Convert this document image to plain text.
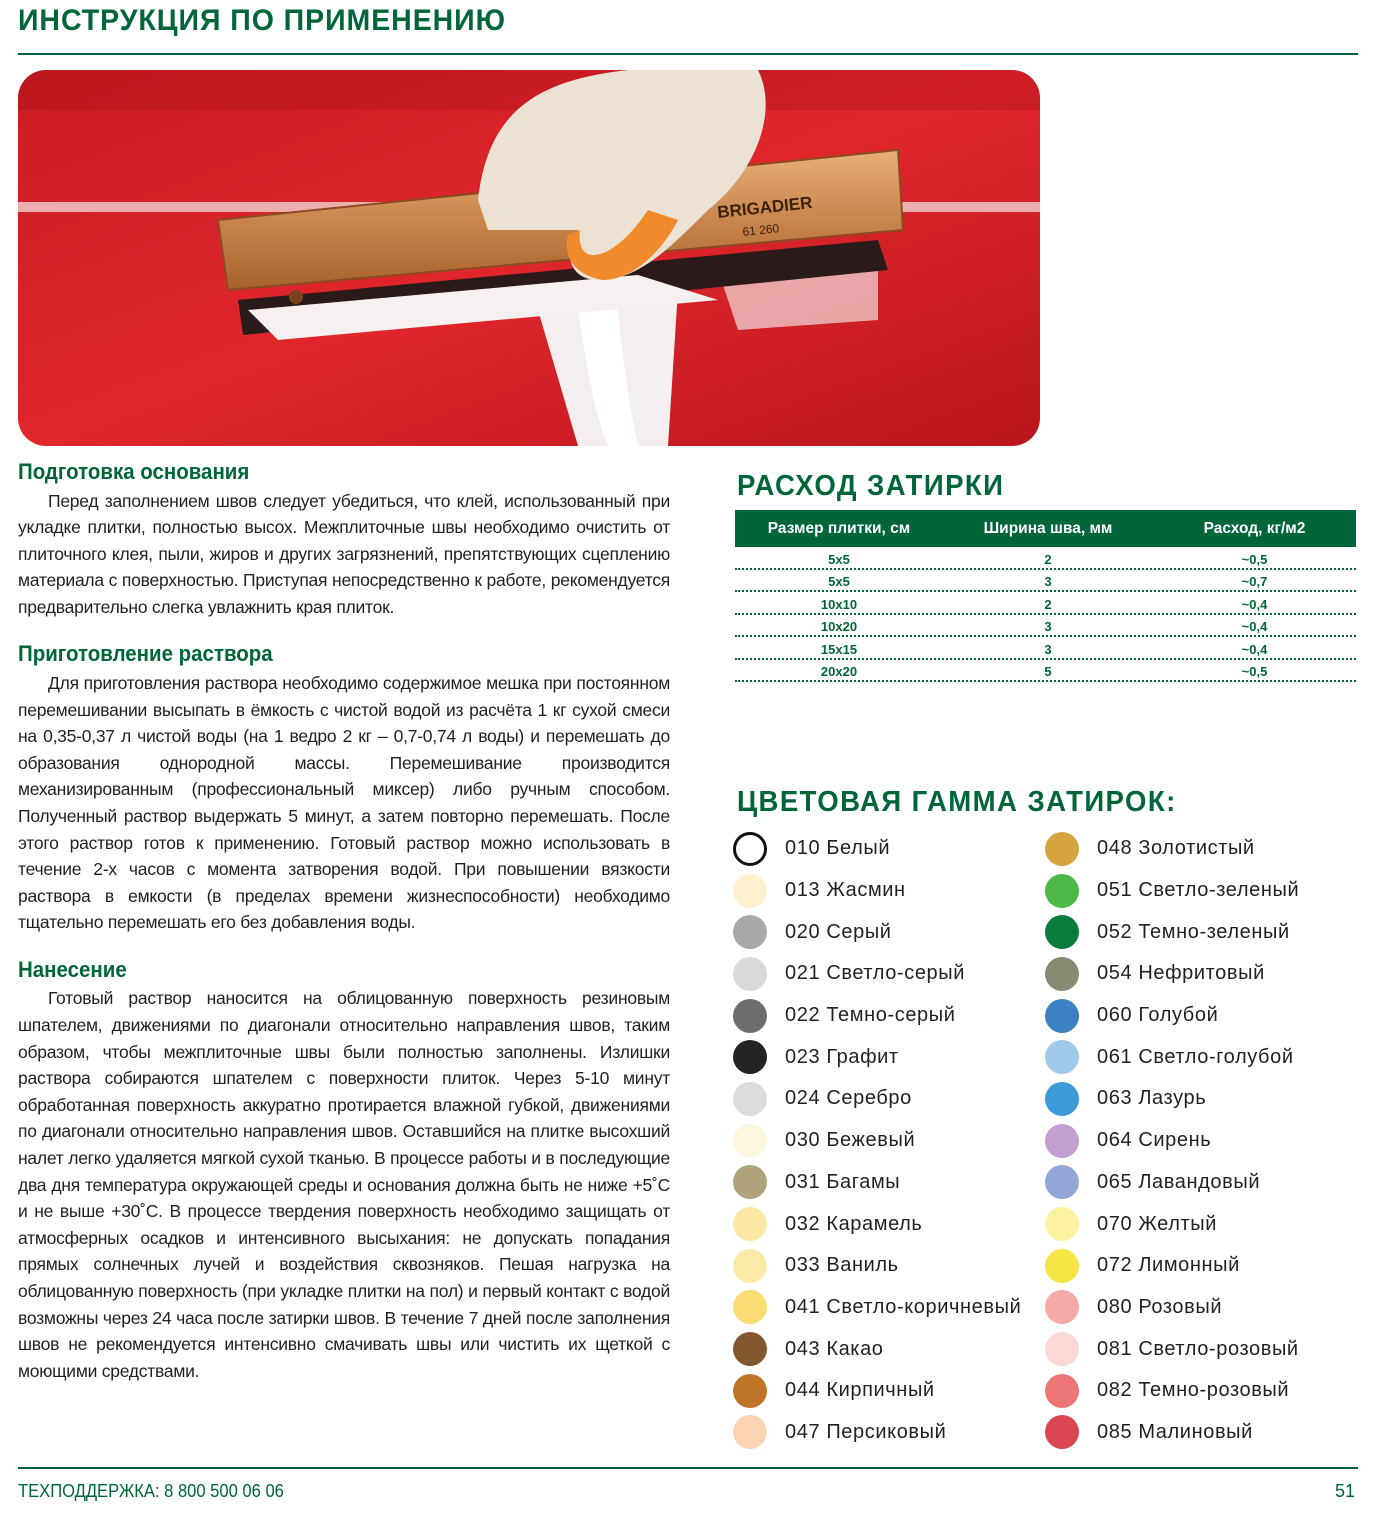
ИНСТРУКЦИЯ ПО ПРИМЕНЕНИЮ
BRIGADIER
61 260
Подготовка основания

Перед заполнением швов следует убедиться, что клей, использованный при укладке плитки, полностью высох. Межплиточные швы необходимо очистить от плиточного клея, пыли, жиров и других загрязнений, препятствующих сцеплению материала с поверхностью. Приступая непосредственно к работе, рекомендуется предварительно слегка увлажнить края плиток.

Приготовление раствора

Для приготовления раствора необходимо содержимое мешка при постоянном перемешивании высыпать в ёмкость с чистой водой из расчёта 1 кг сухой смеси на 0,35-0,37 л чистой воды (на 1 ведро 2 кг – 0,7-0,74 л воды) и перемешать до образования однородной массы. Перемешивание производится механизированным (профессиональный миксер) либо ручным способом. Полученный раствор выдержать 5 минут, а затем повторно перемешать. После этого раствор готов к применению. Готовый раствор можно использовать в течение 2-х часов с момента затворения водой. При повышении вязкости раствора в емкости (в пределах времени жизнеспособности) необходимо тщательно перемешать его без добавления воды.

Нанесение

Готовый раствор наносится на облицованную поверхность резиновым шпателем, движениями по диагонали относительно направления швов, таким образом, чтобы межплиточные швы были полностью заполнены. Излишки раствора собираются шпателем с поверхности плиток. Через 5-10 минут обработанная поверхность аккуратно протирается влажной губкой, движениями по диагонали относительно направления швов. Оставшийся на плитке высохший налет легко удаляется мягкой сухой тканью. В процессе работы и в последующие два дня температура окружающей среды и основания должна быть не ниже +5˚C и не выше +30˚C. В процессе твердения поверхность необходимо защищать от атмосферных осадков и интенсивного высыхания: не допускать попадания прямых солнечных лучей и воздействия сквозняков. Пешая нагрузка на облицованную поверхность (при укладке плитки на пол) и первый контакт с водой возможны через 24 часа после затирки швов. В течение 7 дней после заполнения швов не рекомендуется интенсивно смачивать швы или чистить их щеткой с моющими средствами.

РАСХОД ЗАТИРКИ
Размер плитки, см	Ширина шва, мм	Расход, кг/м2
5x5	2	~0,5
5x5	3	~0,7
10x10	2	~0,4
10x20	3	~0,4
15x15	3	~0,4
20x20	5	~0,5
ЦВЕТОВАЯ ГАММА ЗАТИРОК:
010 Белый
013 Жасмин
020 Серый
021 Светло-серый
022 Темно-серый
023 Графит
024 Серебро
030 Бежевый
031 Багамы
032 Карамель
033 Ваниль
041 Светло-коричневый
043 Какао
044 Кирпичный
047 Персиковый
048 Золотистый
051 Светло-зеленый
052 Темно-зеленый
054 Нефритовый
060 Голубой
061 Светло-голубой
063 Лазурь
064 Сирень
065 Лавандовый
070 Желтый
072 Лимонный
080 Розовый
081 Светло-розовый
082 Темно-розовый
085 Малиновый
ТЕХПОДДЕРЖКА: 8 800 500 06 06	51
